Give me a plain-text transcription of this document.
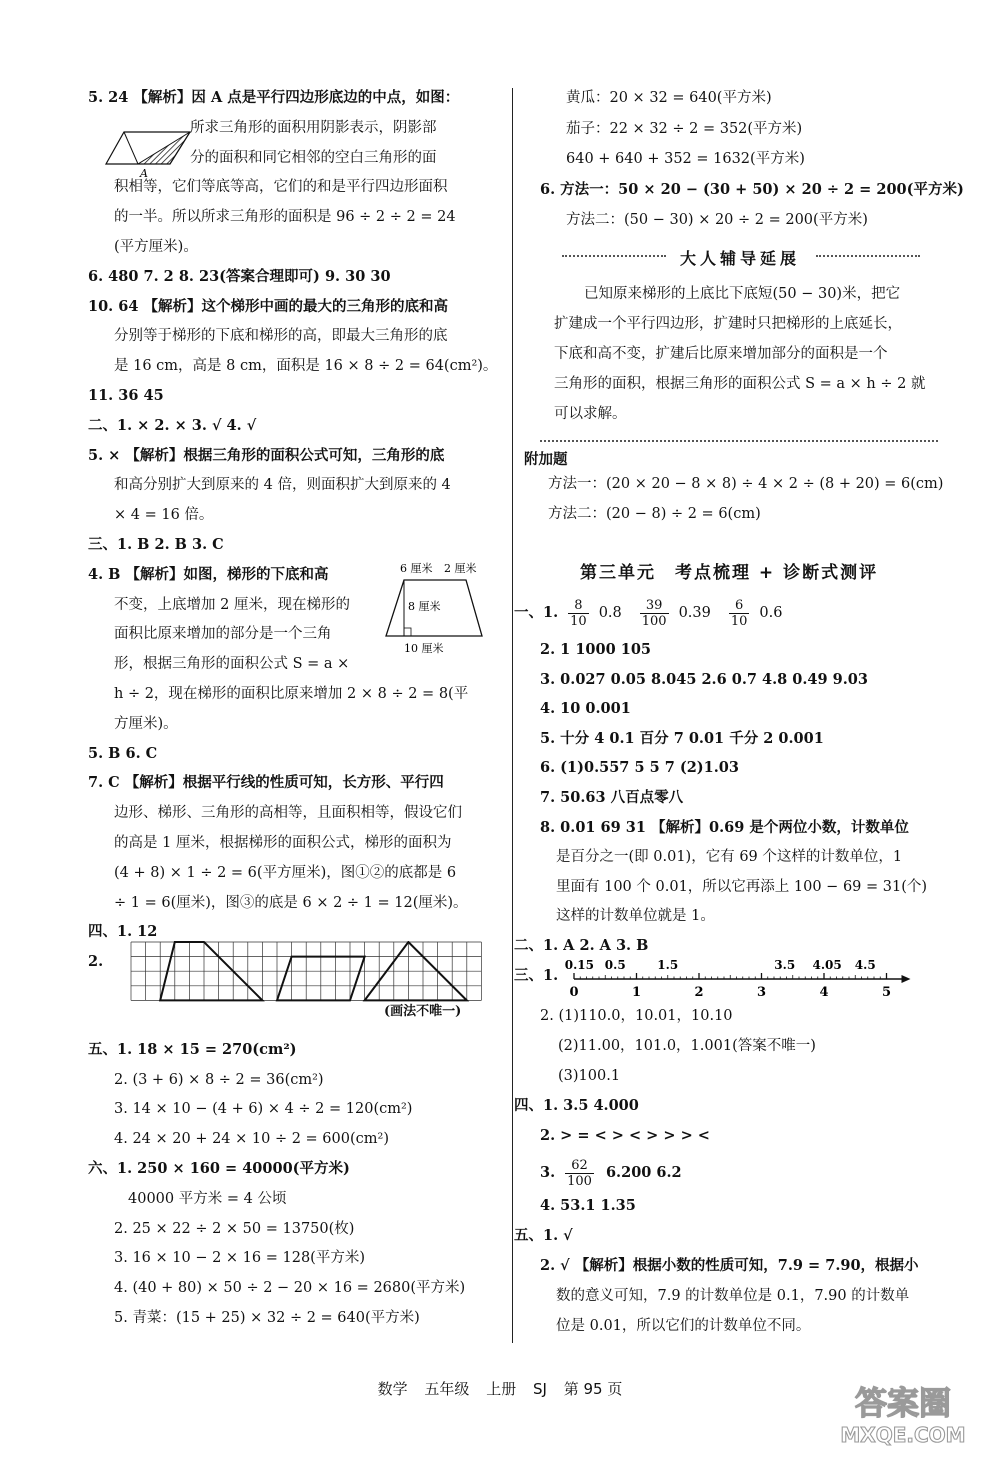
5. 24 【解析】因 A 点是平行四边形底边的中点，如图：
所求三角形的面积用阴影表示，阴影部
分的面积和同它相邻的空白三角形的面
积相等，它们等底等高，它们的和是平行四边形面积
的一半。所以所求三角形的面积是 96 ÷ 2 ÷ 2 = 24
(平方厘米)。
6. 480 7. 2 8. 23(答案合理即可) 9. 30 30
10. 64 【解析】这个梯形中画的最大的三角形的底和高
分别等于梯形的下底和梯形的高，即最大三角形的底
是 16 cm，高是 8 cm，面积是 16 × 8 ÷ 2 = 64(cm²)。
11. 36 45
二、1. × 2. × 3. √ 4. √
5. × 【解析】根据三角形的面积公式可知，三角形的底
和高分别扩大到原来的 4 倍，则面积扩大到原来的 4
× 4 = 16 倍。
三、1. B 2. B 3. C
4. B 【解析】如图，梯形的下底和高
不变，上底增加 2 厘米，现在梯形的
面积比原来增加的部分是一个三角
形，根据三角形的面积公式 S = a ×
h ÷ 2，现在梯形的面积比原来增加 2 × 8 ÷ 2 = 8(平
方厘米)。
5. B 6. C
7. C 【解析】根据平行线的性质可知，长方形、平行四
边形、梯形、三角形的高相等，且面积相等，假设它们
的高是 1 厘米，根据梯形的面积公式，梯形的面积为
(4 + 8) × 1 ÷ 2 = 6(平方厘米)，图①②的底都是 6
÷ 1 = 6(厘米)，图③的底是 6 × 2 ÷ 1 = 12(厘米)。
四、1. 12
2.
(画法不唯一)
五、1. 18 × 15 = 270(cm²)
2. (3 + 6) × 8 ÷ 2 = 36(cm²)
3. 14 × 10 − (4 + 6) × 4 ÷ 2 = 120(cm²)
4. 24 × 20 + 24 × 10 ÷ 2 = 600(cm²)
六、1. 250 × 160 = 40000(平方米)
40000 平方米 = 4 公顷
2. 25 × 22 ÷ 2 × 50 = 13750(枚)
3. 16 × 10 − 2 × 16 = 128(平方米)
4. (40 + 80) × 50 ÷ 2 − 20 × 16 = 2680(平方米)
5. 青菜：(15 + 25) × 32 ÷ 2 = 640(平方米)
黄瓜：20 × 32 = 640(平方米)
茄子：22 × 32 ÷ 2 = 352(平方米)
640 + 640 + 352 = 1632(平方米)
6. 方法一：50 × 20 − (30 + 50) × 20 ÷ 2 = 200(平方米)
方法二：(50 − 30) × 20 ÷ 2 = 200(平方米)
A
6 厘米 2 厘米
8 厘米
10 厘米
大人辅导延展
已知原来梯形的上底比下底短(50 − 30)米，把它
扩建成一个平行四边形，扩建时只把梯形的上底延长，
下底和高不变，扩建后比原来增加部分的面积是一个
三角形的面积，根据三角形的面积公式 S = a × h ÷ 2 就
可以求解。
附加题
方法一：(20 × 20 − 8 × 8) ÷ 4 × 2 ÷ (8 + 20) = 6(cm)
方法二：(20 − 8) ÷ 2 = 6(cm)
第三单元　考点梳理 + 诊断式测评
一、1. $\frac{8}{10} 0.8 \frac{39}{100} 0.39 \frac{6}{10} 0.6$
2. 1 1000 105
3. 0.027 0.05 8.045 2.6 0.7 4.8 0.49 9.03
4. 10 0.001
5. 十分 4 0.1 百分 7 0.01 千分 2 0.001
6. (1)0.557 5 5 7 (2)1.03
7. 50.63 八百点零八
8. 0.01 69 31 【解析】0.69 是个两位小数，计数单位
是百分之一(即 0.01)，它有 69 个这样的计数单位，1
里面有 100 个 0.01，所以它再添上 100 − 69 = 31(个)
这样的计数单位就是 1。
二、1. A 2. A 3. B
三、1.
0	1	2	3	4	5
0.15 0.5	1.5	3.5 4.05 4.5
2. (1)110.0，10.01，10.10
(2)11.00，101.0，1.001(答案不唯一)
(3)100.1
四、1. 3.5 4.000
2. > = < > < > > > <
3. $\frac{62}{100} 6.200$ 6.2
4. 53.1 1.35
五、1. √
2. √ 【解析】根据小数的性质可知，7.9 = 7.90，根据小
数的意义可知，7.9 的计数单位是 0.1，7.90 的计数单
位是 0.01，所以它们的计数单位不同。
数学 五年级 上册 SJ 第 95 页	答案圈
MXQE.COM
